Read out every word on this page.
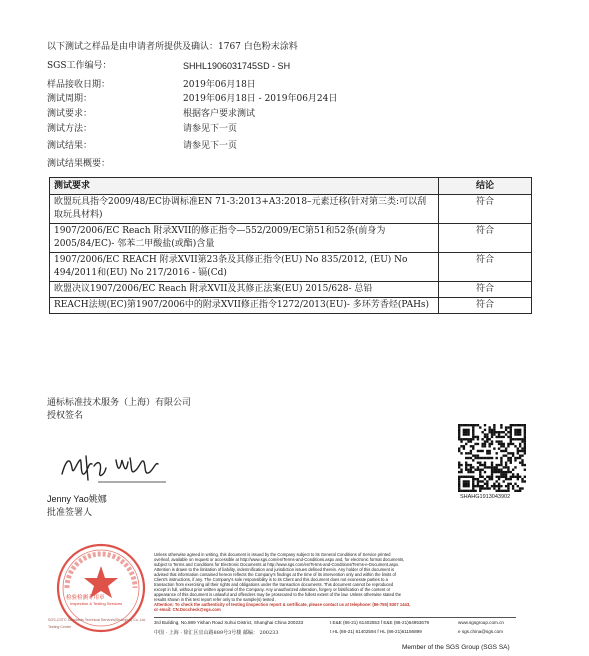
以下测试之样品是由申请者所提供及确认：1767 白色粉末涂料
SGS工作编号：	SHHL1906031745SD - SH
样品接收日期：	2019年06月18日
测试周期：	2019年06月18日 - 2019年06月24日
测试要求：	根据客户要求测试
测试方法：	请参见下一页
测试结果：	请参见下一页
测试结果概要：
测试要求	结论
欧盟玩具指令2009/48/EC协调标准EN 71-3:2013+A3:2018–元素迁移(针对第三类:可以刮取玩具材料)	符合
1907/2006/EC Reach 附录XVII的修正指令—552/2009/EC第51和52条(前身为2005/84/EC)- 邻苯二甲酸盐(或酯)含量	符合
1907/2006/EC REACH 附录XVII第23条及其修正指令(EU) No 835/2012, (EU) No 494/2011和(EU) No 217/2016 - 镉(Cd)	符合
欧盟决议1907/2006/EC Reach 附录XVII及其修正法案(EU) 2015/628- 总铅	符合
REACH法规(EC)第1907/2006中的附录XVII修正指令1272/2013(EU)- 多环芳香烃(PAHs)	符合
通标标准技术服务（上海）有限公司
授权签名
Jenny Yao姚娜
批准签署人
SHAHG1913043902
检验检测专用章
Inspection & Testing Services
SGS-CSTC Standards Technical Services(Shanghai) Co.,Ltd.
Testing Center
Unless otherwise agreed in writing, this document is issued by the Company subject to its General Conditions of Service printed
overleaf, available on request or accessible at http://www.sgs.com/en/Terms-and-Conditions.aspx and, for electronic format documents,
subject to Terms and Conditions for Electronic Documents at http://www.sgs.com/en/Terms-and-Conditions/Terms-e-Document.aspx.
Attention is drawn to the limitation of liability, indemnification and jurisdiction issues defined therein. Any holder of this document is
advised that information contained hereon reflects the Company's findings at the time of its intervention only and within the limits of
Client's instructions, if any. The Company's sole responsibility is to its Client and this document does not exonerate parties to a
transaction from exercising all their rights and obligations under the transaction documents. This document cannot be reproduced
except in full, without prior written approval of the Company. Any unauthorized alteration, forgery or falsification of the content or
appearance of this document is unlawful and offenders may be prosecuted to the fullest extent of the law. Unless otherwise stated the
results shown in this test report refer only to the sample(s) tested .
Attention: To check the authenticity of testing /inspection report & certificate, please contact us at telephone: (86-755) 8307 1443,
or email: CN.Doccheck@sgs.com
3rd Building, No.889 Yishan Road Xuhui District, Shanghai China 200233	t E&E (86-21) 61402553 f E&E (86-21)64953679	www.sgsgroup.com.cn
中国 · 上海 · 徐汇区宜山路889号3号楼 邮编： 200233	t HL (86-21) 61402594 f HL (86-21)61156899	e sgs.china@sgs.com
Member of the SGS Group (SGS SA)
